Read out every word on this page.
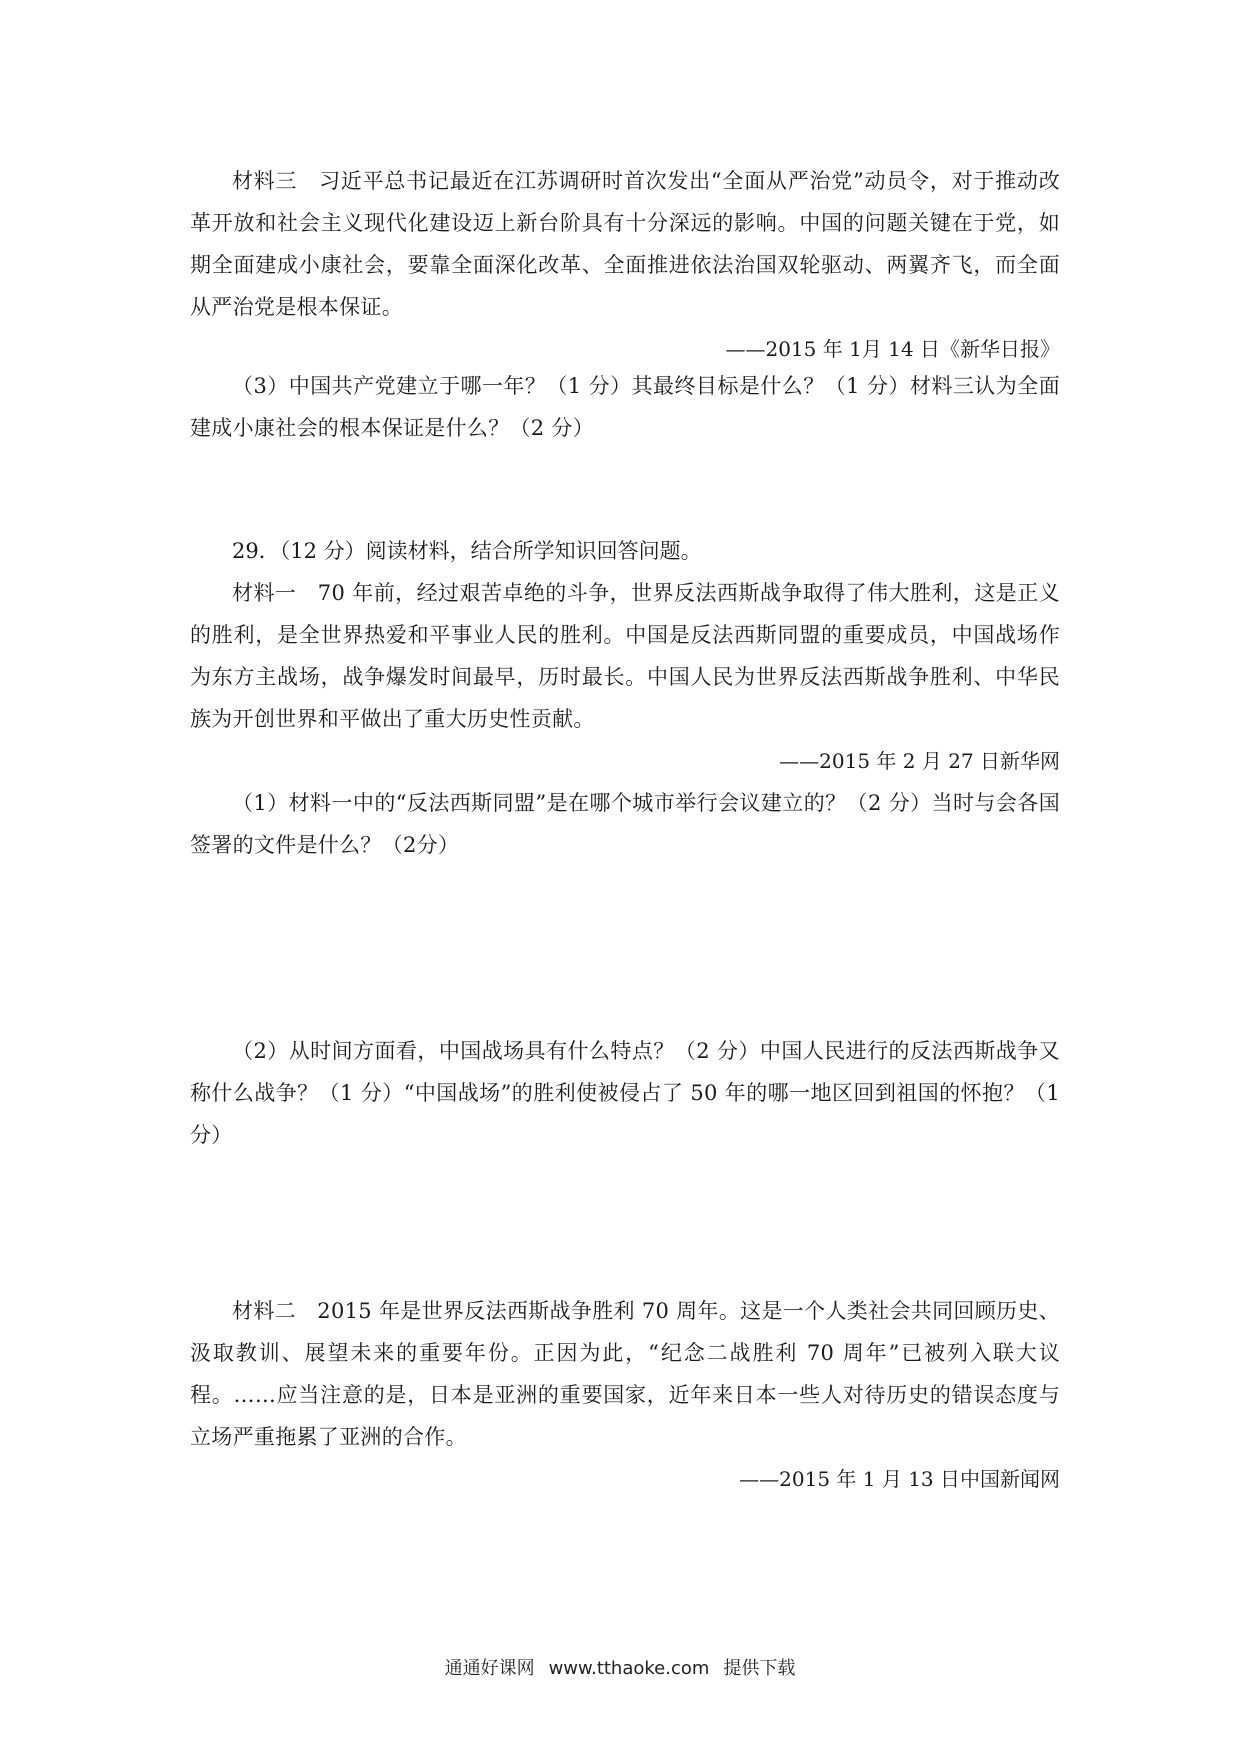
材料三　习近平总书记最近在江苏调研时首次发出“全面从严治党”动员令，对于推动改革开放和社会主义现代化建设迈上新台阶具有十分深远的影响。中国的问题关键在于党，如期全面建成小康社会，要靠全面深化改革、全面推进依法治国双轮驱动、两翼齐飞，而全面从严治党是根本保证。

——2015 年 1月 14 日《新华日报》

（3）中国共产党建立于哪一年？（1 分）其最终目标是什么？（1 分）材料三认为全面建成小康社会的根本保证是什么？（2 分）

29．（12 分）阅读材料，结合所学知识回答问题。

材料一　70 年前，经过艰苦卓绝的斗争，世界反法西斯战争取得了伟大胜利，这是正义的胜利，是全世界热爱和平事业人民的胜利。中国是反法西斯同盟的重要成员，中国战场作为东方主战场，战争爆发时间最早，历时最长。中国人民为世界反法西斯战争胜利、中华民族为开创世界和平做出了重大历史性贡献。

——2015 年 2 月 27 日新华网

（1）材料一中的“反法西斯同盟”是在哪个城市举行会议建立的？（2 分）当时与会各国签署的文件是什么？（2分）

（2）从时间方面看，中国战场具有什么特点？（2 分）中国人民进行的反法西斯战争又称什么战争？（1 分）“中国战场”的胜利使被侵占了 50 年的哪一地区回到祖国的怀抱？（1 分）

材料二　2015 年是世界反法西斯战争胜利 70 周年。这是一个人类社会共同回顾历史、汲取教训、展望未来的重要年份。正因为此，“纪念二战胜利 70 周年”已被列入联大议程。……应当注意的是，日本是亚洲的重要国家，近年来日本一些人对待历史的错误态度与立场严重拖累了亚洲的合作。

——2015 年 1 月 13 日中国新闻网

通通好课网 www.tthaoke.com 提供下载
